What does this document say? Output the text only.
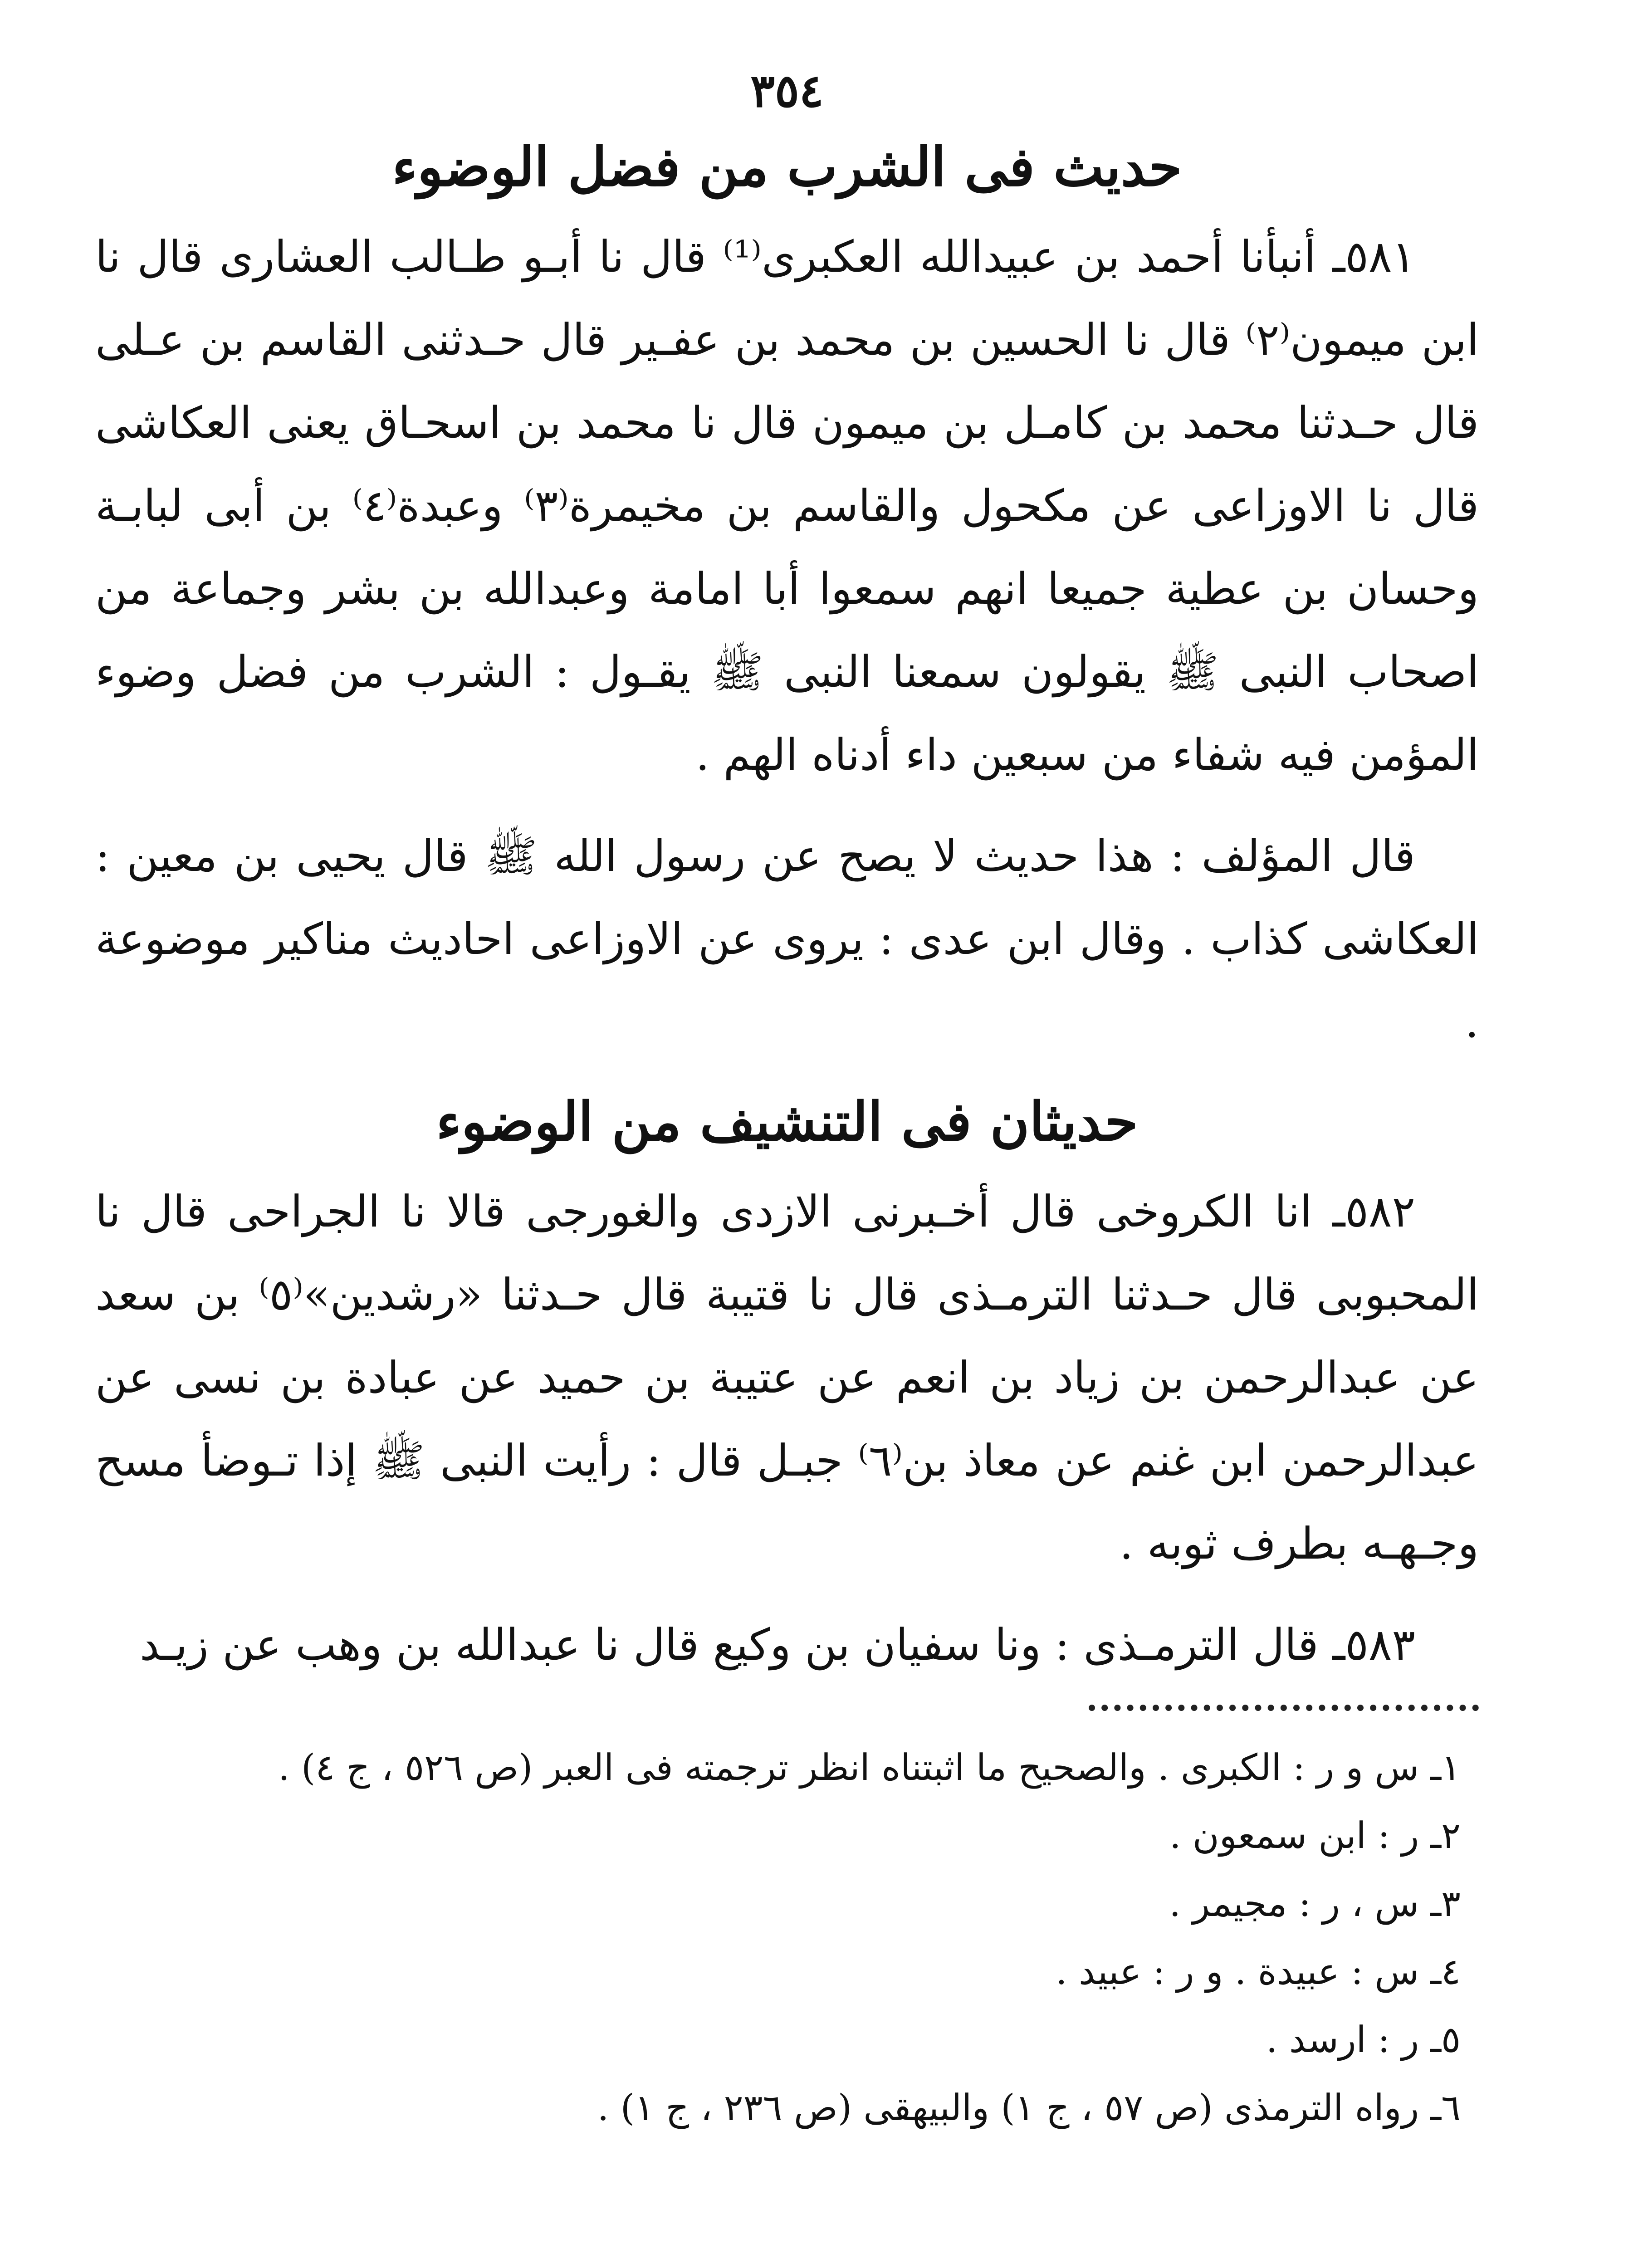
٣٥٤
حديث فى الشرب من فضل الوضوء

٥٨١ـ أنبأنا أحمد بن عبيدالله العكبرى⁽¹⁾ قال نا أبـو طـالب العشارى قال نا ابن ميمون⁽٢⁾ قال نا الحسين بن محمد بن عفـير قال حـدثنى القاسم بن عـلى قال حـدثنا محمد بن كامـل بن ميمون قال نا محمد بن اسحـاق يعنى العكاشى قال نا الاوزاعى عن مكحول والقاسم بن مخيمرة⁽٣⁾ وعبدة⁽٤⁾ بن أبى لبابـة وحسان بن عطية جميعا انهم سمعوا أبا امامة وعبدالله بن بشر وجماعة من اصحاب النبى ﷺ يقولون سمعنا النبى ﷺ يقـول : الشرب من فضل وضوء المؤمن فيه شفاء من سبعين داء أدناه الهم .

قال المؤلف : هذا حديث لا يصح عن رسول الله ﷺ قال يحيى بن معين : العكاشى كذاب . وقال ابن عدى : يروى عن الاوزاعى احاديث مناكير موضوعة .

حديثان فى التنشيف من الوضوء

٥٨٢ـ انا الكروخى قال أخـبرنى الازدى والغورجى قالا نا الجراحى قال نا المحبوبى قال حـدثنا الترمـذى قال نا قتيبة قال حـدثنا «رشدين»⁽٥⁾ بن سعد عن عبدالرحمن بن زياد بن انعم عن عتيبة بن حميد عن عبادة بن نسى عن عبدالرحمن ابن غنم عن معاذ بن⁽٦⁾ جبـل قال : رأيت النبى ﷺ إذا تـوضأ مسح وجـهـه بطرف ثوبه .

٥٨٣ـ قال الترمـذى : ونا سفيان بن وكيع قال نا عبدالله بن وهب عن زيـد

١ـ س و ر : الكبرى . والصحيح ما اثبتناه انظر ترجمته فى العبر (ص ٥٢٦ ، ج ٤) .
٢ـ ر : ابن سمعون .
٣ـ س ، ر : مجيمر .
٤ـ س : عبيدة . و ر : عبيد .
٥ـ ر : ارسد .
٦ـ رواه الترمذى (ص ٥٧ ، ج ١) والبيهقى (ص ٢٣٦ ، ج ١) .
